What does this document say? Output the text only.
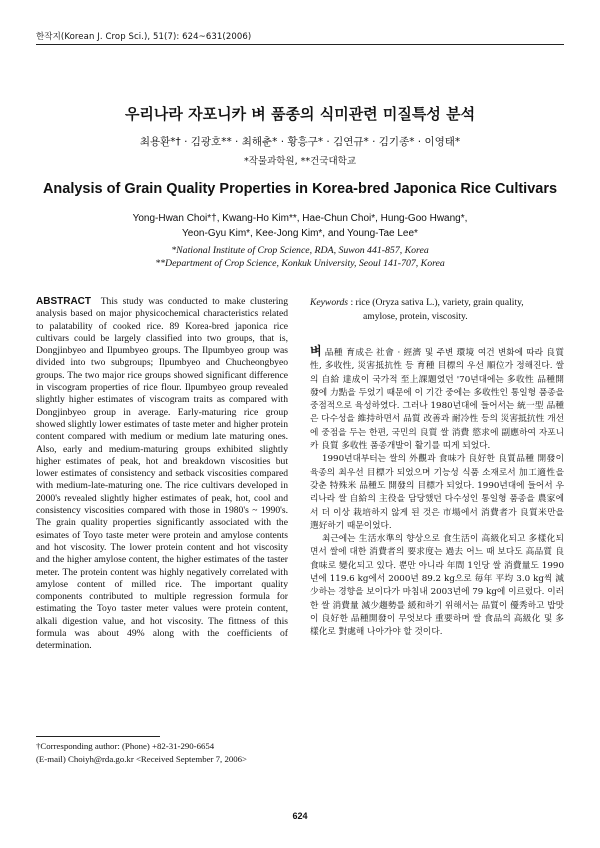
한작지(Korean J. Crop Sci.), 51(7): 624~631(2006)
우리나라 자포니카 벼 품종의 식미관련 미질특성 분석
최용환*† · 김광호** · 최해춘* · 황흥구* · 김연규* · 김기종* · 이영태*
*작물과학원, **건국대학교
Analysis of Grain Quality Properties in Korea-bred Japonica Rice Cultivars
Yong-Hwan Choi*†, Kwang-Ho Kim**, Hae-Chun Choi*, Hung-Goo Hwang*,
Yeon-Gyu Kim*, Kee-Jong Kim*, and Young-Tae Lee*
*National Institute of Crop Science, RDA, Suwon 441-857, Korea
**Department of Crop Science, Konkuk University, Seoul 141-707, Korea
ABSTRACT This study was conducted to make clustering analysis based on major physicochemical characteristics related to palatability of cooked rice. 89 Korea-bred japonica rice cultivars could be largely classified into two groups, that is, Dongjinbyeo and Ilpumbyeo groups. The Ilpumbyeo group was divided into two subgroups; Ilpumbyeo and Chucheongbyeo groups. The two major rice groups showed significant difference in viscogram properties of rice flour. Ilpumbyeo group revealed slightly higher estimates of viscogram traits as compared with Dongjinbyeo group in average. Early-maturing rice group showed slightly lower estimates of taste meter and higher protein content compared with medium or medium late maturing ones. Also, early and medium-maturing groups exhibited slightly higher estimates of peak, hot and breakdown viscosities but lower estimates of consistency and setback viscosities compared with medium-late-maturing one. The rice cultivars developed in 2000's revealed slightly higher estimates of peak, hot, cool and consistency viscosities compared with those in 1980's ~ 1990's. The grain quality properties significantly associated with the esimates of Toyo taste meter were protein and amylose contents and hot viscosity. The lower protein content and hot viscosity and the higher amylose content, the higher estimates of the taster meter. The protein content was highly negatively correlated with amylose content of milled rice. The important quality components contributed to multiple regression formula for estimating the Toyo taster meter values were protein content, alkali digestion value, and hot viscosity. The fittness of this formula was about 49% along with the coefficients of determination.
Keywords : rice (Oryza sativa L.), variety, grain quality,
amylose, protein, viscosity.

벼 品種 育成은 社會 · 經濟 및 주변 環境 여건 변화에 따라 良質性, 多收性, 災害抵抗性 등 育種 目標의 우선 順位가 정해진다. 쌀의 自給 達成이 국가적 至上課題였던 '70년대에는 多收性 品種開發에 力點을 두었기 때문에 이 기간 중에는 多收性인 통일형 품종을 중점적으로 육성하였다. 그러나 1980년대에 들어서는 統一型 品種은 다수성을 維持하면서 品質 改善과 耐冷性 등의 災害抵抗性 개선에 중점을 두는 한편, 국민의 良質 쌀 消費 慾求에 副應하여 자포니카 良質 多收性 품종개발이 활기를 띠게 되었다.

1990년대부터는 쌀의 外觀과 食味가 良好한 良質品種 開發이 육종의 최우선 目標가 되었으며 기능성 식품 소재로서 加工適性을 갖춘 特殊米 品種도 開發의 目標가 되었다. 1990년대에 들어서 우리나라 쌀 自給의 主役을 담당했던 다수성인 통일형 품종을 農家에서 더 이상 栽培하지 않게 된 것은 市場에서 消費者가 良質米만을 選好하기 때문이었다.

최근에는 生活水準의 향상으로 食生活이 高級化되고 多樣化되면서 쌀에 대한 消費者의 要求度는 過去 어느 때 보다도 高品質 良食味로 變化되고 있다. 뿐만 아니라 年間 1인당 쌀 消費量도 1990년에 119.6 kg에서 2000년 89.2 kg으로 毎年 平均 3.0 kg씩 減少하는 경향을 보이다가 마침내 2003년에 79 kg에 이르렀다. 이러한 쌀 消費量 減少趨勢를 緩和하기 위해서는 品質이 優秀하고 밥맛이 良好한 品種開發이 무엇보다 重要하며 쌀 食品의 高級化 및 多樣化로 對處해 나아가야 할 것이다.

†Corresponding author: (Phone) +82-31-290-6654
(E-mail) Choiyh@rda.go.kr <Received September 7, 2006>
624
